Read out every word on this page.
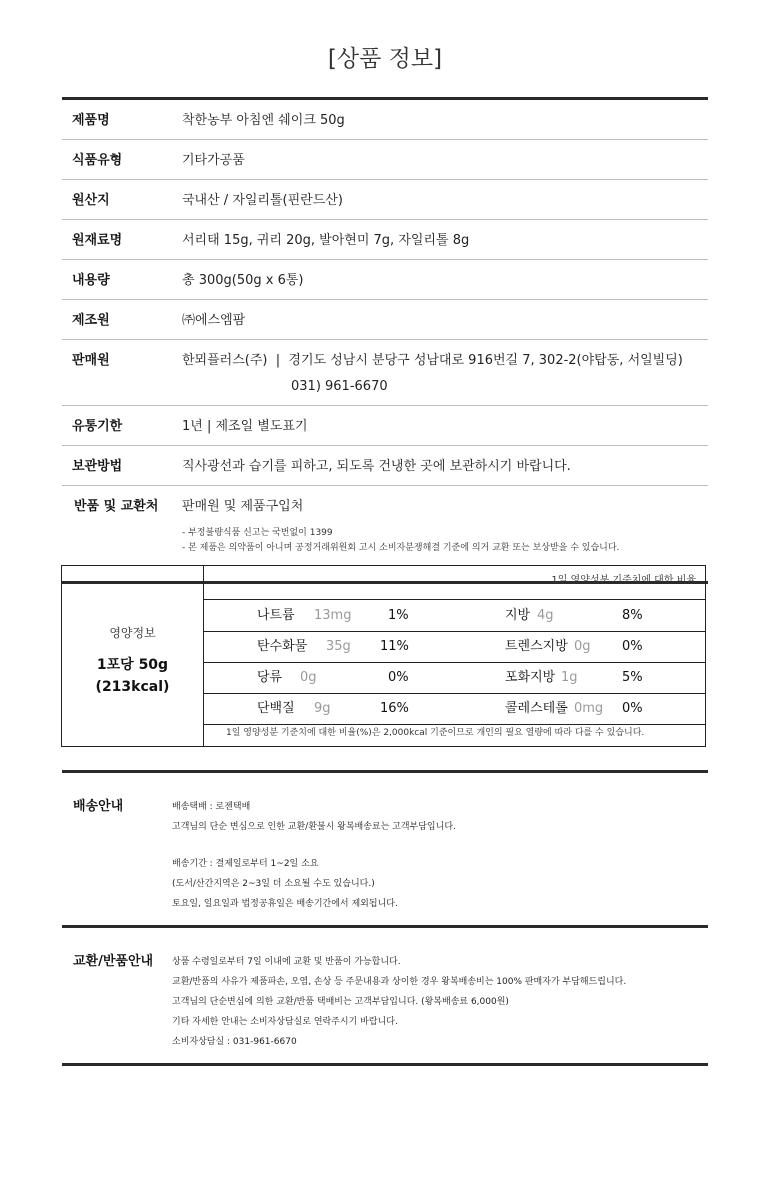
[상품 정보]
제품명	착한농부 아침엔 쉐이크 50g
식품유형	기타가공품
원산지	국내산 / 자일리톨(핀란드산)
원재료명	서리태 15g, 귀리 20g, 발아현미 7g, 자일리톨 8g
내용량	총 300g(50g x 6통)
제조원	㈜에스엠팜
판매원	한뫼플러스(주)  |  경기도 성남시 분당구 성남대로 916번길 7, 302-2(야탑동, 서일빌딩)
031) 961-6670
유통기한	1년 | 제조일 별도표기
보관방법	직사광선과 습기를 피하고, 되도록 건냉한 곳에 보관하시기 바랍니다.
반품 및 교환처	판매원 및 제품구입처
- 부정불량식품 신고는 국번없이 1399
- 본 제품은 의약품이 아니며 공정거래위원회 고시 소비자분쟁해결 기준에 의거 교환 또는 보상받을 수 있습니다.
영양정보
1포당 50g
(213kcal)
1일 영양성분 기준치에 대한 비율
나트륨 13mg	1%	지방 4g	8%
탄수화물 35g 11%	트렌스지방 0g 0%
당류 0g	0%	포화지방 1g	5%
단백질 9g	16%	콜레스테롤 0mg 0%
1일 영양성분 기준치에 대한 비율(%)은 2,000kcal 기준이므로 개인의 필요 열량에 따라 다를 수 있습니다.
배송안내	배송택배 : 로젠택배
고객님의 단순 변심으로 인한 교환/환불시 왕복배송료는 고객부담입니다.
배송기간 : 결제일로부터 1~2일 소요
(도서/산간지역은 2~3일 더 소요될 수도 있습니다.)
토요일, 일요일과 법정공휴일은 배송기간에서 제외됩니다.
교환/반품안내 상품 수령일로부터 7일 이내에 교환 및 반품이 가능합니다.
교환/반품의 사유가 제품파손, 오염, 손상 등 주문내용과 상이한 경우 왕복배송비는 100% 판매자가 부담해드립니다.
고객님의 단순변심에 의한 교환/반품 택배비는 고객부담입니다. (왕복배송료 6,000원)
기타 자세한 안내는 소비자상담실로 연락주시기 바랍니다.
소비자상담실 : 031-961-6670
